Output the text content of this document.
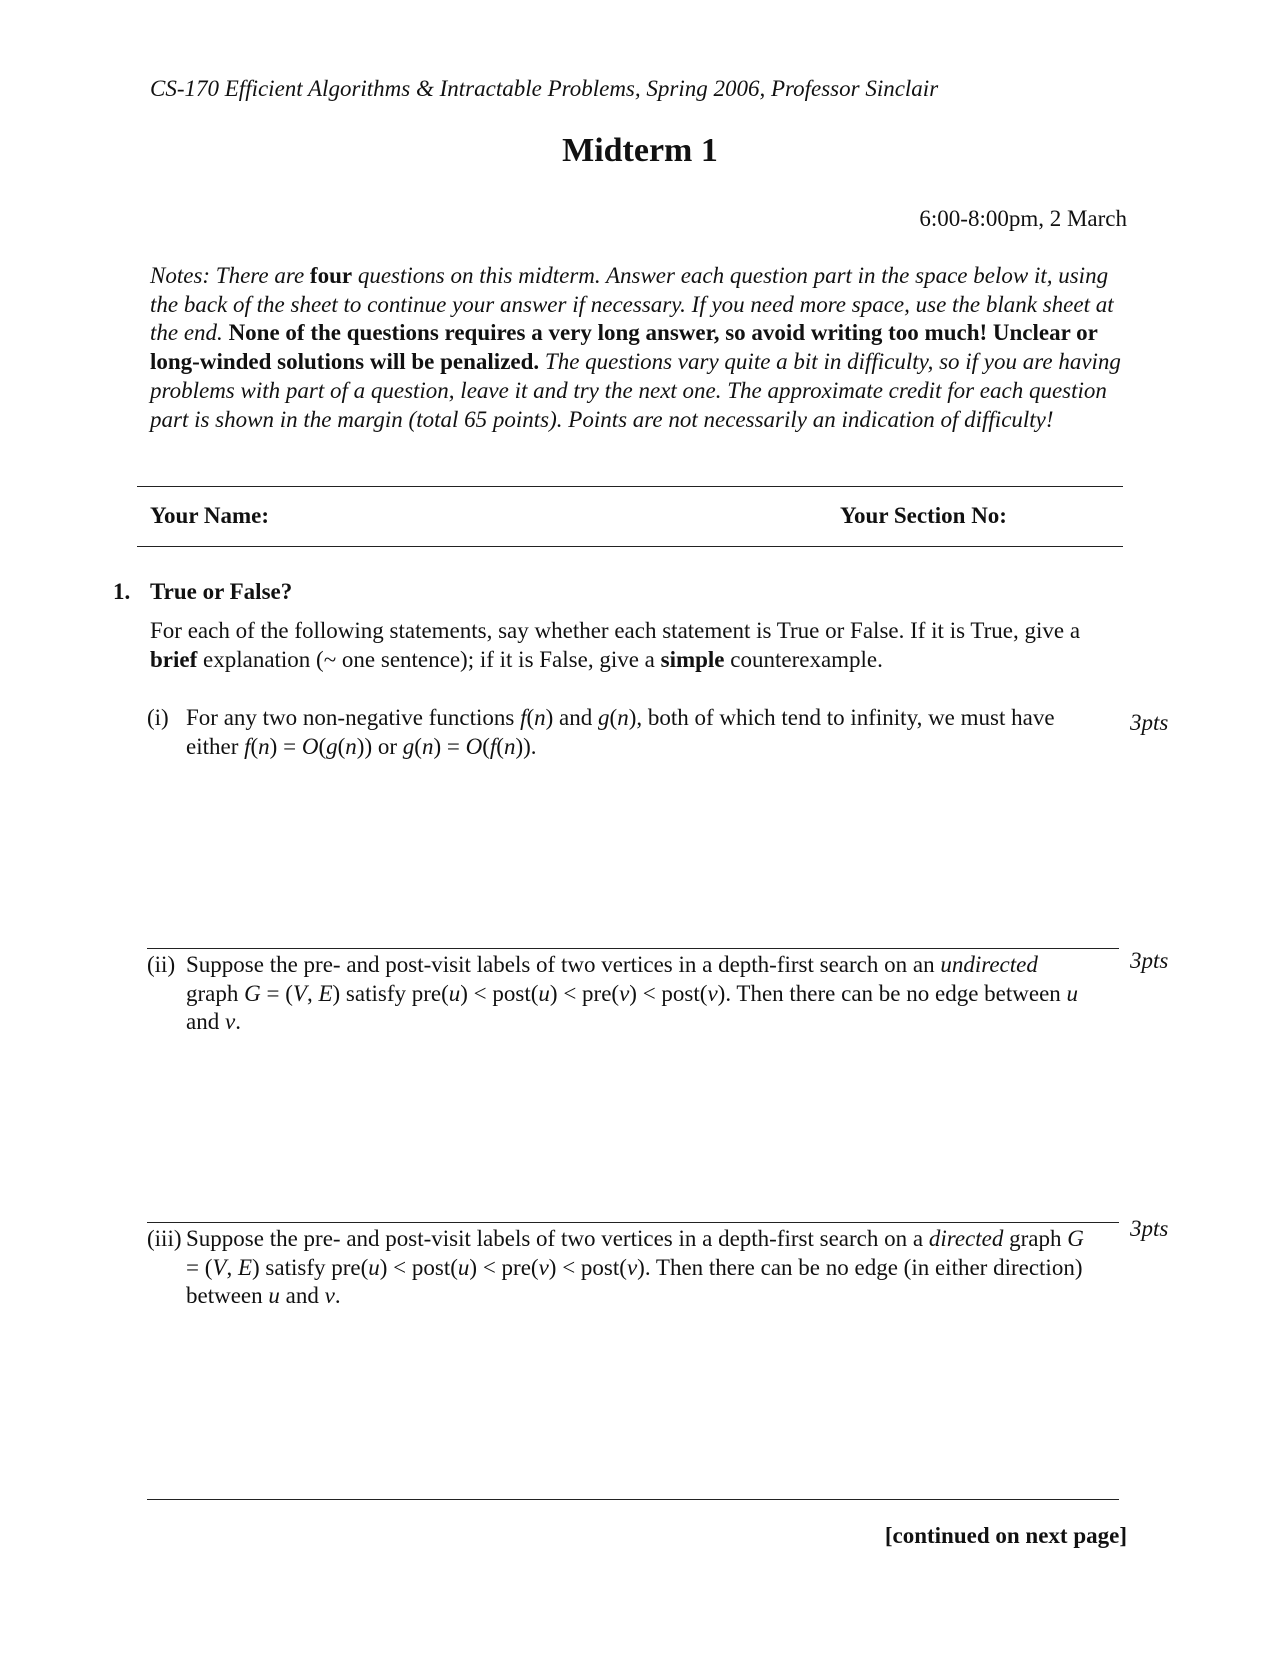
CS-170 Efficient Algorithms & Intractable Problems, Spring 2006, Professor Sinclair
Midterm 1
6:00-8:00pm, 2 March
Notes: There are four questions on this midterm. Answer each question part in the space below it, using the back of the sheet to continue your answer if necessary. If you need more space, use the blank sheet at the end. None of the questions requires a very long answer, so avoid writing too much! Unclear or long-winded solutions will be penalized. The questions vary quite a bit in difficulty, so if you are having problems with part of a question, leave it and try the next one. The approximate credit for each question part is shown in the margin (total 65 points). Points are not necessarily an indication of difficulty!
Your Name:	Your Section No:
1. True or False?
For each of the following statements, say whether each statement is True or False. If it is True, give a brief explanation (~ one sentence); if it is False, give a simple counterexample.
(i) For any two non-negative functions f(n) and g(n), both of which tend to infinity, we must have either f(n) = O(g(n)) or g(n) = O(f(n)).
3pts
(ii) Suppose the pre- and post-visit labels of two vertices in a depth-first search on an undirected graph G = (V, E) satisfy pre(u) < post(u) < pre(v) < post(v). Then there can be no edge between u and v.
3pts
(iii) Suppose the pre- and post-visit labels of two vertices in a depth-first search on a directed graph G = (V, E) satisfy pre(u) < post(u) < pre(v) < post(v). Then there can be no edge (in either direction) between u and v.
3pts
[continued on next page]
